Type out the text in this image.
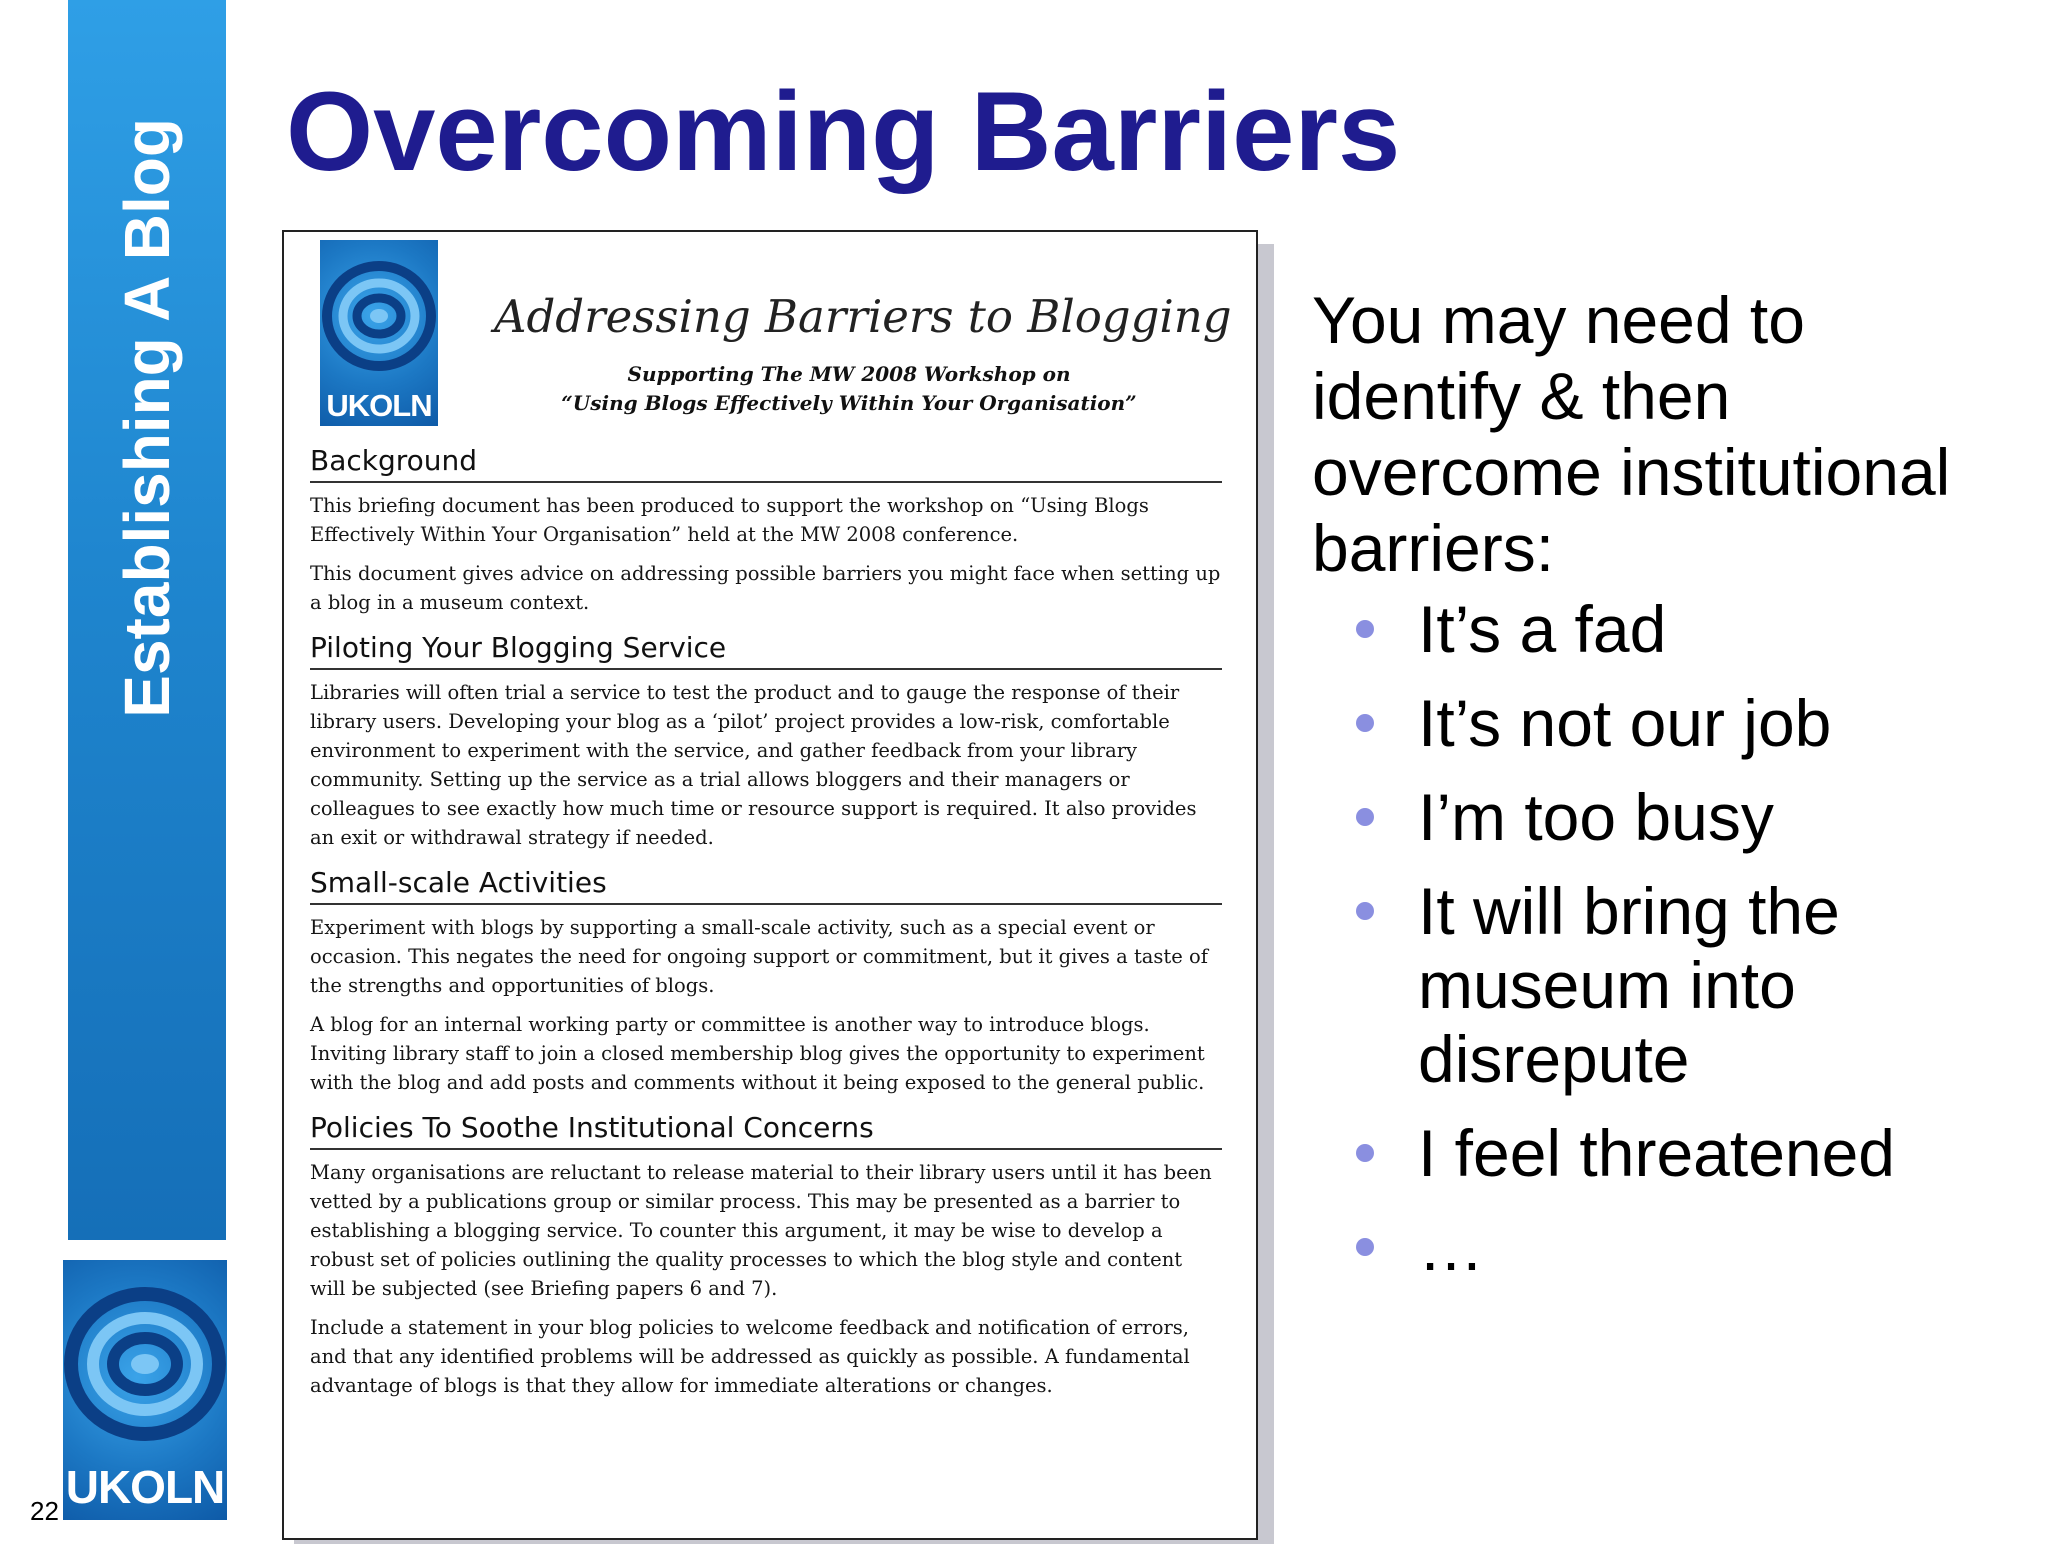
Establishing A Blog
UKOLN
22
Overcoming Barriers
UKOLN
Addressing Barriers to Blogging
Supporting The MW 2008 Workshop on
“Using Blogs Effectively Within Your Organisation”
Background

This briefing document has been produced to support the workshop on “Using Blogs Effectively Within Your Organisation” held at the MW 2008 conference.

This document gives advice on addressing possible barriers you might face when setting up a blog in a museum context.

Piloting Your Blogging Service

Libraries will often trial a service to test the product and to gauge the response of their library users. Developing your blog as a ‘pilot’ project provides a low-risk, comfortable environment to experiment with the service, and gather feedback from your library community. Setting up the service as a trial allows bloggers and their managers or colleagues to see exactly how much time or resource support is required. It also provides an exit or withdrawal strategy if needed.

Small-scale Activities

Experiment with blogs by supporting a small-scale activity, such as a special event or occasion. This negates the need for ongoing support or commitment, but it gives a taste of the strengths and opportunities of blogs.

A blog for an internal working party or committee is another way to introduce blogs. Inviting library staff to join a closed membership blog gives the opportunity to experiment with the blog and add posts and comments without it being exposed to the general public.

Policies To Soothe Institutional Concerns

Many organisations are reluctant to release material to their library users until it has been vetted by a publications group or similar process. This may be presented as a barrier to establishing a blogging service. To counter this argument, it may be wise to develop a robust set of policies outlining the quality processes to which the blog style and content will be subjected (see Briefing papers 6 and 7).

Include a statement in your blog policies to welcome feedback and notification of errors, and that any identified problems will be addressed as quickly as possible. A fundamental advantage of blogs is that they allow for immediate alterations or changes.

You may need to identify & then overcome institutional barriers:

It’s a fad
It’s not our job
I’m too busy
It will bring the museum into disrepute
I feel threatened
…
